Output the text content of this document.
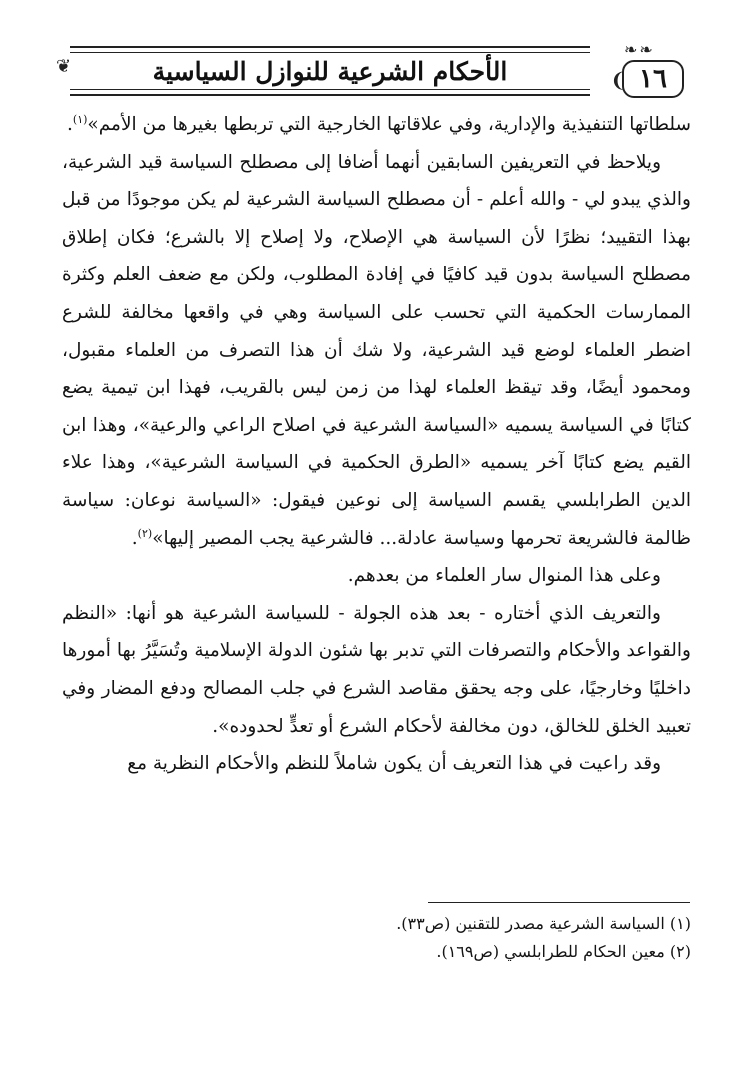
الأحكام الشرعية للنوازل السياسية
❦
❧❧
❨ ١٦

سلطاتها التنفيذية والإدارية، وفي علاقاتها الخارجية التي تربطها بغيرها من الأمم»$^{(١)}$.

ويلاحظ في التعريفين السابقين أنهما أضافا إلى مصطلح السياسة قيد الشرعية، والذي يبدو لي - والله أعلم - أن مصطلح السياسة الشرعية لم يكن موجودًا من قبل بهذا التقييد؛ نظرًا لأن السياسة هي الإصلاح، ولا إصلاح إلا بالشرع؛ فكان إطلاق مصطلح السياسة بدون قيد كافيًا في إفادة المطلوب، ولكن مع ضعف العلم وكثرة الممارسات الحكمية التي تحسب على السياسة وهي في واقعها مخالفة للشرع اضطر العلماء لوضع قيد الشرعية، ولا شك أن هذا التصرف من العلماء مقبول، ومحمود أيضًا، وقد تيقظ العلماء لهذا من زمن ليس بالقريب، فهذا ابن تيمية يضع كتابًا في السياسة يسميه «السياسة الشرعية في اصلاح الراعي والرعية»، وهذا ابن القيم يضع كتابًا آخر يسميه «الطرق الحكمية في السياسة الشرعية»، وهذا علاء الدين الطرابلسي يقسم السياسة إلى نوعين فيقول: «السياسة نوعان: سياسة ظالمة فالشريعة تحرمها وسياسة عادلة... فالشرعية يجب المصير إليها»$^{(٢)}$.

وعلى هذا المنوال سار العلماء من بعدهم.

والتعريف الذي أختاره - بعد هذه الجولة - للسياسة الشرعية هو أنها: «النظم والقواعد والأحكام والتصرفات التي تدبر بها شئون الدولة الإسلامية وتُسَيَّرُ بها أمورها داخليًا وخارجيًا، على وجه يحقق مقاصد الشرع في جلب المصالح ودفع المضار وفي تعبيد الخلق للخالق، دون مخالفة لأحكام الشرع أو تعدٍّ لحدوده».

وقد راعيت في هذا التعريف أن يكون شاملاً للنظم والأحكام النظرية مع

(١) السياسة الشرعية مصدر للتقنين (ص٣٣).

(٢) معين الحكام للطرابلسي (ص١٦٩).
